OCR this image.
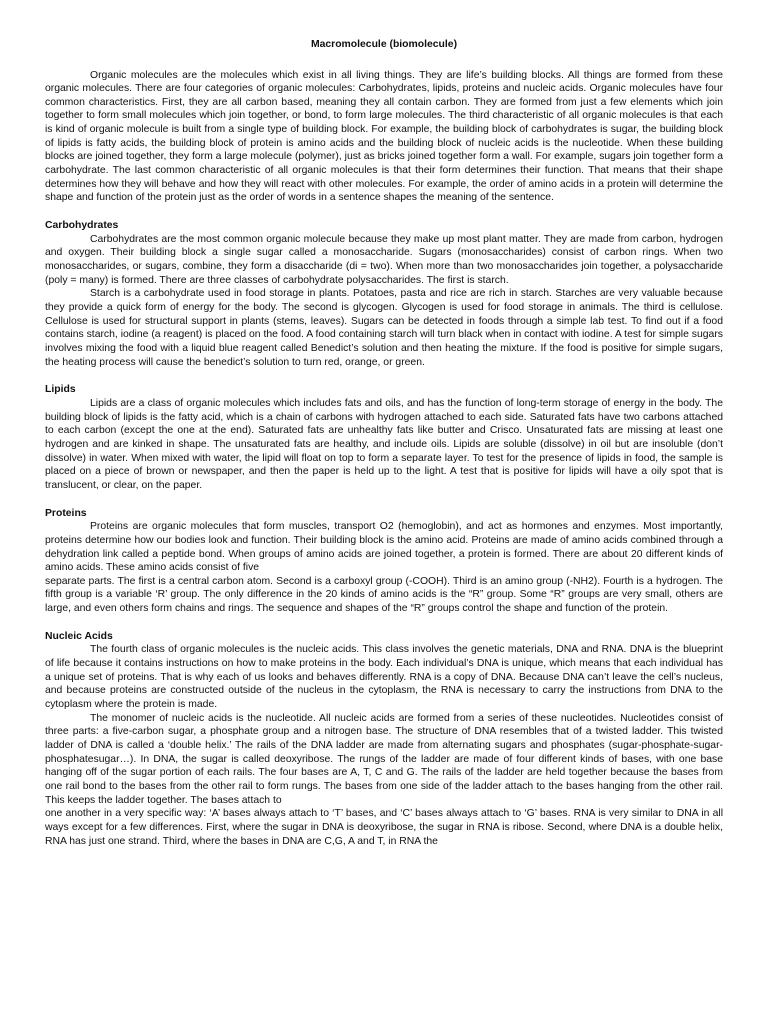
Macromolecule (biomolecule)

Organic molecules are the molecules which exist in all living things. They are life’s building blocks. All things are formed from these organic molecules. There are four categories of organic molecules: Carbohydrates, lipids, proteins and nucleic acids. Organic molecules have four common characteristics. First, they are all carbon based, meaning they all contain carbon. They are formed from just a few elements which join together to form small molecules which join together, or bond, to form large molecules. The third characteristic of all organic molecules is that each is kind of organic molecule is built from a single type of building block. For example, the building block of carbohydrates is sugar, the building block of lipids is fatty acids, the building block of protein is amino acids and the building block of nucleic acids is the nucleotide. When these building blocks are joined together, they form a large molecule (polymer), just as bricks joined together form a wall. For example, sugars join together form a carbohydrate. The last common characteristic of all organic molecules is that their form determines their function. That means that their shape determines how they will behave and how they will react with other molecules. For example, the order of amino acids in a protein will determine the shape and function of the protein just as the order of words in a sentence shapes the meaning of the sentence.

Carbohydrates

Carbohydrates are the most common organic molecule because they make up most plant matter. They are made from carbon, hydrogen and oxygen. Their building block a single sugar called a monosaccharide. Sugars (monosaccharides) consist of carbon rings. When two monosaccharides, or sugars, combine, they form a disaccharide (di = two). When more than two monosaccharides join together, a polysaccharide (poly = many) is formed. There are three classes of carbohydrate polysaccharides. The first is starch.

Starch is a carbohydrate used in food storage in plants. Potatoes, pasta and rice are rich in starch. Starches are very valuable because they provide a quick form of energy for the body. The second is glycogen. Glycogen is used for food storage in animals. The third is cellulose. Cellulose is used for structural support in plants (stems, leaves). Sugars can be detected in foods through a simple lab test. To find out if a food contains starch, iodine (a reagent) is placed on the food. A food containing starch will turn black when in contact with iodine. A test for simple sugars involves mixing the food with a liquid blue reagent called Benedict’s solution and then heating the mixture. If the food is positive for simple sugars, the heating process will cause the benedict’s solution to turn red, orange, or green.

Lipids

Lipids are a class of organic molecules which includes fats and oils, and has the function of long-term storage of energy in the body. The building block of lipids is the fatty acid, which is a chain of carbons with hydrogen attached to each side. Saturated fats have two carbons attached to each carbon (except the one at the end). Saturated fats are unhealthy fats like butter and Crisco. Unsaturated fats are missing at least one hydrogen and are kinked in shape. The unsaturated fats are healthy, and include oils. Lipids are soluble (dissolve) in oil but are insoluble (don’t dissolve) in water. When mixed with water, the lipid will float on top to form a separate layer. To test for the presence of lipids in food, the sample is placed on a piece of brown or newspaper, and then the paper is held up to the light. A test that is positive for lipids will have a oily spot that is translucent, or clear, on the paper.

Proteins

Proteins are organic molecules that form muscles, transport O2 (hemoglobin), and act as hormones and enzymes. Most importantly, proteins determine how our bodies look and function. Their building block is the amino acid. Proteins are made of amino acids combined through a dehydration link called a peptide bond. When groups of amino acids are joined together, a protein is formed. There are about 20 different kinds of amino acids. These amino acids consist of five

separate parts. The first is a central carbon atom. Second is a carboxyl group (-COOH). Third is an amino group (-NH2). Fourth is a hydrogen. The fifth group is a variable ‘R’ group. The only difference in the 20 kinds of amino acids is the “R” group. Some “R” groups are very small, others are large, and even others form chains and rings. The sequence and shapes of the “R” groups control the shape and function of the protein.

Nucleic Acids

The fourth class of organic molecules is the nucleic acids. This class involves the genetic materials, DNA and RNA. DNA is the blueprint of life because it contains instructions on how to make proteins in the body. Each individual’s DNA is unique, which means that each individual has a unique set of proteins. That is why each of us looks and behaves differently. RNA is a copy of DNA. Because DNA can’t leave the cell’s nucleus, and because proteins are constructed outside of the nucleus in the cytoplasm, the RNA is necessary to carry the instructions from DNA to the cytoplasm where the protein is made.

The monomer of nucleic acids is the nucleotide. All nucleic acids are formed from a series of these nucleotides. Nucleotides consist of three parts: a five-carbon sugar, a phosphate group and a nitrogen base. The structure of DNA resembles that of a twisted ladder. This twisted ladder of DNA is called a ‘double helix.’ The rails of the DNA ladder are made from alternating sugars and phosphates (sugar-phosphate-sugar-phosphatesugar…). In DNA, the sugar is called deoxyribose. The rungs of the ladder are made of four different kinds of bases, with one base hanging off of the sugar portion of each rails. The four bases are A, T, C and G. The rails of the ladder are held together because the bases from one rail bond to the bases from the other rail to form rungs. The bases from one side of the ladder attach to the bases hanging from the other rail. This keeps the ladder together. The bases attach to

one another in a very specific way: ‘A’ bases always attach to ‘T’ bases, and ‘C’ bases always attach to ‘G’ bases. RNA is very similar to DNA in all ways except for a few differences. First, where the sugar in DNA is deoxyribose, the sugar in RNA is ribose. Second, where DNA is a double helix, RNA has just one strand. Third, where the bases in DNA are C,G, A and T, in RNA the
